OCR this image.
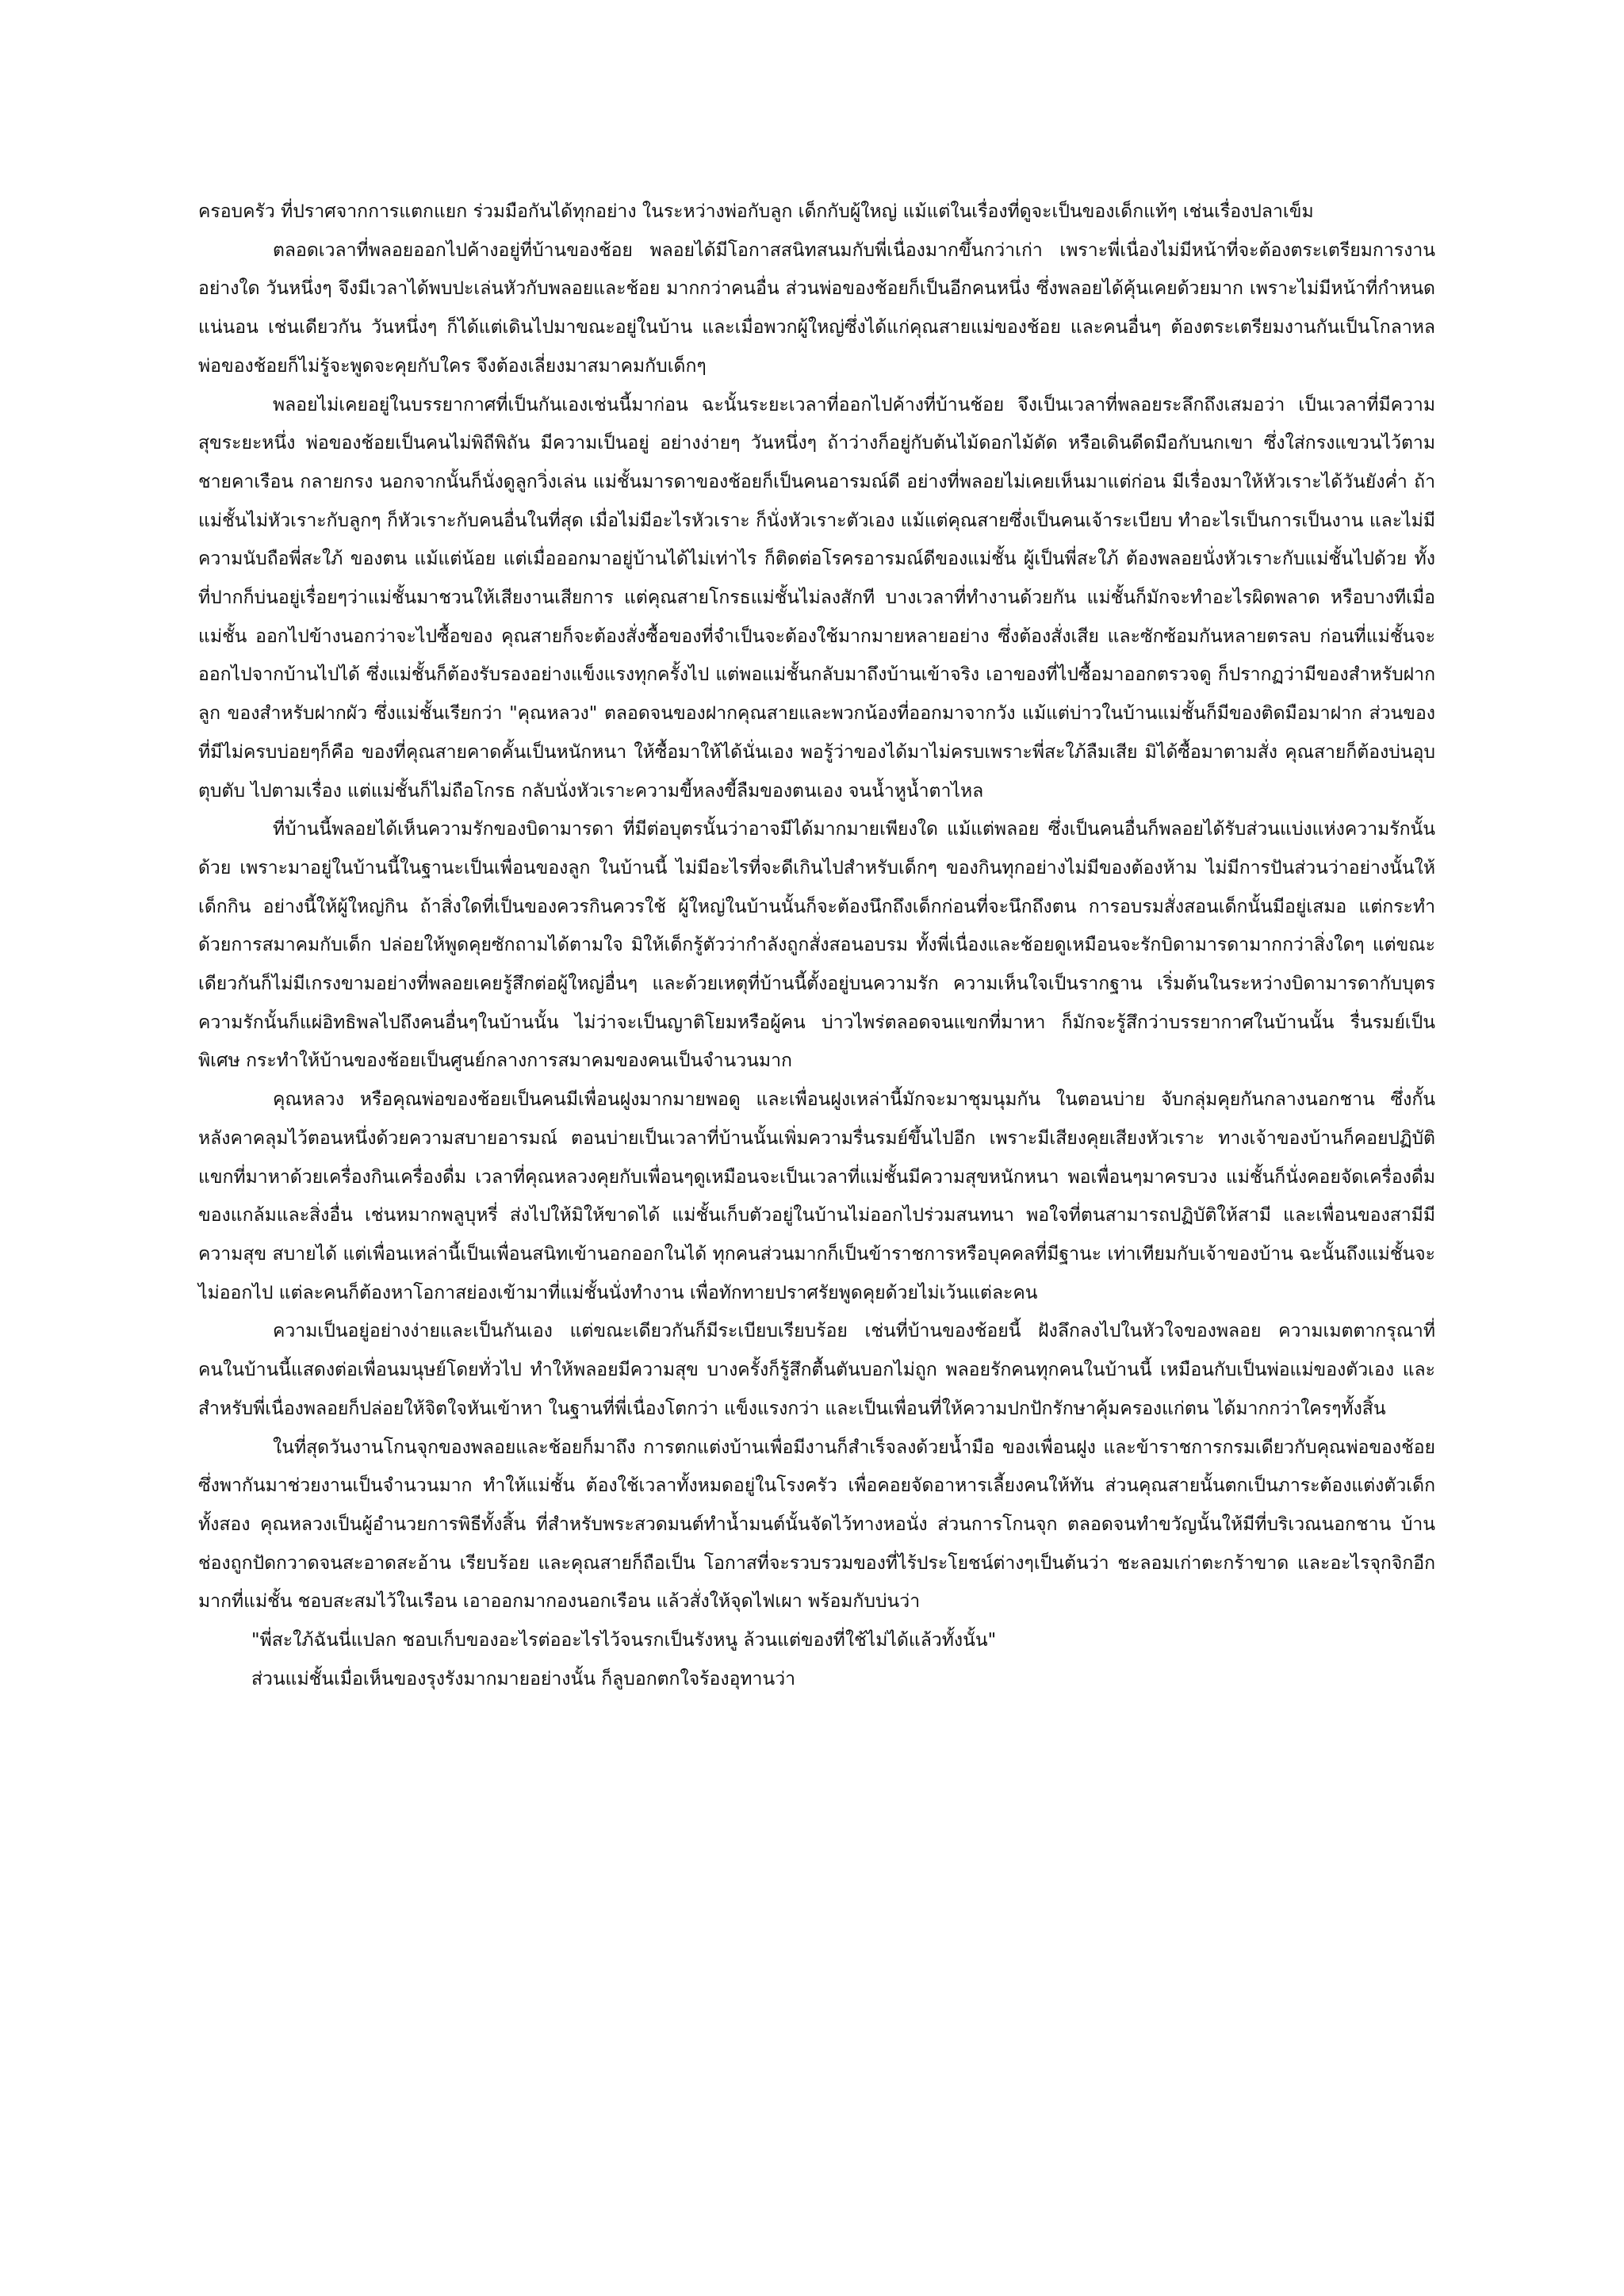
ครอบครัว ที่ปราศจากการแตกแยก ร่วมมือกันได้ทุกอย่าง ในระหว่างพ่อกับลูก เด็กกับผู้ใหญ่ แม้แต่ในเรื่องที่ดูจะเป็นของเด็กแท้ๆ เช่นเรื่องปลาเข็ม

ตลอดเวลาที่พลอยออกไปค้างอยู่ที่บ้านของช้อย พลอยได้มีโอกาสสนิทสนมกับพี่เนื่องมากขึ้นกว่าเก่า เพราะพี่เนื่องไม่มีหน้าที่จะต้องตระเตรียมการงานอย่างใด วันหนึ่งๆ จึงมีเวลาได้พบปะเล่นหัวกับพลอยและช้อย มากกว่าคนอื่น ส่วนพ่อของช้อยก็เป็นอีกคนหนึ่ง ซึ่งพลอยได้คุ้นเคยด้วยมาก เพราะไม่มีหน้าที่กำหนดแน่นอน เช่นเดียวกัน วันหนึ่งๆ ก็ได้แต่เดินไปมาขณะอยู่ในบ้าน และเมื่อพวกผู้ใหญ่ซึ่งได้แก่คุณสายแม่ของช้อย และคนอื่นๆ ต้องตระเตรียมงานกันเป็นโกลาหล พ่อของช้อยก็ไม่รู้จะพูดจะคุยกับใคร จึงต้องเลี่ยงมาสมาคมกับเด็กๆ

พลอยไม่เคยอยู่ในบรรยากาศที่เป็นกันเองเช่นนี้มาก่อน ฉะนั้นระยะเวลาที่ออกไปค้างที่บ้านช้อย จึงเป็นเวลาที่พลอยระลึกถึงเสมอว่า เป็นเวลาที่มีความสุขระยะหนึ่ง พ่อของช้อยเป็นคนไม่พิถีพิถัน มีความเป็นอยู่ อย่างง่ายๆ วันหนึ่งๆ ถ้าว่างก็อยู่กับต้นไม้ดอกไม้ดัด หรือเดินดีดมือกับนกเขา ซึ่งใส่กรงแขวนไว้ตามชายคาเรือน กลายกรง นอกจากนั้นก็นั่งดูลูกวิ่งเล่น แม่ชั้นมารดาของช้อยก็เป็นคนอารมณ์ดี อย่างที่พลอยไม่เคยเห็นมาแต่ก่อน มีเรื่องมาให้หัวเราะได้วันยังค่ำ ถ้าแม่ชั้นไม่หัวเราะกับลูกๆ ก็หัวเราะกับคนอื่นในที่สุด เมื่อไม่มีอะไรหัวเราะ ก็นั่งหัวเราะตัวเอง แม้แต่คุณสายซึ่งเป็นคนเจ้าระเบียบ ทำอะไรเป็นการเป็นงาน และไม่มีความนับถือพี่สะใภ้ ของตน แม้แต่น้อย แต่เมื่อออกมาอยู่บ้านได้ไม่เท่าไร ก็ติดต่อโรครอารมณ์ดีของแม่ชั้น ผู้เป็นพี่สะใภ้ ต้องพลอยนั่งหัวเราะกับแม่ชั้นไปด้วย ทั้งที่ปากก็บ่นอยู่เรื่อยๆว่าแม่ชั้นมาชวนให้เสียงานเสียการ แต่คุณสายโกรธแม่ชั้นไม่ลงสักที บางเวลาที่ทำงานด้วยกัน แม่ชั้นก็มักจะทำอะไรผิดพลาด หรือบางทีเมื่อแม่ชั้น ออกไปข้างนอกว่าจะไปซื้อของ คุณสายก็จะต้องสั่งซื้อของที่จำเป็นจะต้องใช้มากมายหลายอย่าง ซึ่งต้องสั่งเสีย และซักซ้อมกันหลายตรลบ ก่อนที่แม่ชั้นจะออกไปจากบ้านไปได้ ซึ่งแม่ชั้นก็ต้องรับรองอย่างแข็งแรงทุกครั้งไป แต่พอแม่ชั้นกลับมาถึงบ้านเข้าจริง เอาของที่ไปซื้อมาออกตรวจดู ก็ปรากฏว่ามีของสำหรับฝากลูก ของสำหรับฝากผัว ซึ่งแม่ชั้นเรียกว่า "คุณหลวง" ตลอดจนของฝากคุณสายและพวกน้องที่ออกมาจากวัง แม้แต่บ่าวในบ้านแม่ชั้นก็มีของติดมือมาฝาก ส่วนของที่มีไม่ครบบ่อยๆก็คือ ของที่คุณสายคาดคั้นเป็นหนักหนา ให้ซื้อมาให้ได้นั่นเอง พอรู้ว่าของได้มาไม่ครบเพราะพี่สะใภ้ลืมเสีย มิได้ซื้อมาตามสั่ง คุณสายก็ต้องบ่นอุบตุบตับ ไปตามเรื่อง แต่แม่ชั้นก็ไม่ถือโกรธ กลับนั่งหัวเราะความขี้หลงขี้ลืมของตนเอง จนน้ำหูน้ำตาไหล

ที่บ้านนี้พลอยได้เห็นความรักของบิดามารดา ที่มีต่อบุตรนั้นว่าอาจมีได้มากมายเพียงใด แม้แต่พลอย ซึ่งเป็นคนอื่นก็พลอยได้รับส่วนแบ่งแห่งความรักนั้นด้วย เพราะมาอยู่ในบ้านนี้ในฐานะเป็นเพื่อนของลูก ในบ้านนี้ ไม่มีอะไรที่จะดีเกินไปสำหรับเด็กๆ ของกินทุกอย่างไม่มีของต้องห้าม ไม่มีการปันส่วนว่าอย่างนั้นให้เด็กกิน อย่างนี้ให้ผู้ใหญ่กิน ถ้าสิ่งใดที่เป็นของควรกินควรใช้ ผู้ใหญ่ในบ้านนั้นก็จะต้องนึกถึงเด็กก่อนที่จะนึกถึงตน การอบรมสั่งสอนเด็กนั้นมีอยู่เสมอ แต่กระทำด้วยการสมาคมกับเด็ก ปล่อยให้พูดคุยซักถามได้ตามใจ มิให้เด็กรู้ตัวว่ากำลังถูกสั่งสอนอบรม ทั้งพี่เนื่องและช้อยดูเหมือนจะรักบิดามารดามากกว่าสิ่งใดๆ แต่ขณะเดียวกันก็ไม่มีเกรงขามอย่างที่พลอยเคยรู้สึกต่อผู้ใหญ่อื่นๆ และด้วยเหตุที่บ้านนี้ตั้งอยู่บนความรัก ความเห็นใจเป็นรากฐาน เริ่มต้นในระหว่างบิดามารดากับบุตร ความรักนั้นก็แผ่อิทธิพลไปถึงคนอื่นๆในบ้านนั้น ไม่ว่าจะเป็นญาติโยมหรือผู้คน บ่าวไพร่ตลอดจนแขกที่มาหา ก็มักจะรู้สึกว่าบรรยากาศในบ้านนั้น รื่นรมย์เป็นพิเศษ กระทำให้บ้านของช้อยเป็นศูนย์กลางการสมาคมของคนเป็นจำนวนมาก

คุณหลวง หรือคุณพ่อของช้อยเป็นคนมีเพื่อนฝูงมากมายพอดู และเพื่อนฝูงเหล่านี้มักจะมาชุมนุมกัน ในตอนบ่าย จับกลุ่มคุยกันกลางนอกชาน ซึ่งกั้นหลังคาคลุมไว้ตอนหนึ่งด้วยความสบายอารมณ์ ตอนบ่ายเป็นเวลาที่บ้านนั้นเพิ่มความรื่นรมย์ขึ้นไปอีก เพราะมีเสียงคุยเสียงหัวเราะ ทางเจ้าของบ้านก็คอยปฏิบัติ แขกที่มาหาด้วยเครื่องกินเครื่องดื่ม เวลาที่คุณหลวงคุยกับเพื่อนๆดูเหมือนจะเป็นเวลาที่แม่ชั้นมีความสุขหนักหนา พอเพื่อนๆมาครบวง แม่ชั้นก็นั่งคอยจัดเครื่องดื่มของแกล้มและสิ่งอื่น เช่นหมากพลูบุหรี่ ส่งไปให้มิให้ขาดได้ แม่ชั้นเก็บตัวอยู่ในบ้านไม่ออกไปร่วมสนทนา พอใจที่ตนสามารถปฏิบัติให้สามี และเพื่อนของสามีมีความสุข สบายได้ แต่เพื่อนเหล่านี้เป็นเพื่อนสนิทเข้านอกออกในได้ ทุกคนส่วนมากก็เป็นข้าราชการหรือบุคคลที่มีฐานะ เท่าเทียมกับเจ้าของบ้าน ฉะนั้นถึงแม่ชั้นจะไม่ออกไป แต่ละคนก็ต้องหาโอกาสย่องเข้ามาที่แม่ชั้นนั่งทำงาน เพื่อทักทายปราศรัยพูดคุยด้วยไม่เว้นแต่ละคน

ความเป็นอยู่อย่างง่ายและเป็นกันเอง แต่ขณะเดียวกันก็มีระเบียบเรียบร้อย เช่นที่บ้านของช้อยนี้ ฝังลึกลงไปในหัวใจของพลอย ความเมตตากรุณาที่คนในบ้านนี้แสดงต่อเพื่อนมนุษย์โดยทั่วไป ทำให้พลอยมีความสุข บางครั้งก็รู้สึกตื้นตันบอกไม่ถูก พลอยรักคนทุกคนในบ้านนี้ เหมือนกับเป็นพ่อแม่ของตัวเอง และสำหรับพี่เนื่องพลอยก็ปล่อยให้จิตใจหันเข้าหา ในฐานที่พี่เนื่องโตกว่า แข็งแรงกว่า และเป็นเพื่อนที่ให้ความปกปักรักษาคุ้มครองแก่ตน ได้มากกว่าใครๆทั้งสิ้น

ในที่สุดวันงานโกนจุกของพลอยและช้อยก็มาถึง การตกแต่งบ้านเพื่อมีงานก็สำเร็จลงด้วยน้ำมือ ของเพื่อนฝูง และข้าราชการกรมเดียวกับคุณพ่อของช้อย ซึ่งพากันมาช่วยงานเป็นจำนวนมาก ทำให้แม่ชั้น ต้องใช้เวลาทั้งหมดอยู่ในโรงครัว เพื่อคอยจัดอาหารเลี้ยงคนให้ทัน ส่วนคุณสายนั้นตกเป็นภาระต้องแต่งตัวเด็ก ทั้งสอง คุณหลวงเป็นผู้อำนวยการพิธีทั้งสิ้น ที่สำหรับพระสวดมนต์ทำน้ำมนต์นั้นจัดไว้ทางหอนั่ง ส่วนการโกนจุก ตลอดจนทำขวัญนั้นให้มีที่บริเวณนอกชาน บ้านช่องถูกปัดกวาดจนสะอาดสะอ้าน เรียบร้อย และคุณสายก็ถือเป็น โอกาสที่จะรวบรวมของที่ไร้ประโยชน์ต่างๆเป็นต้นว่า ชะลอมเก่าตะกร้าขาด และอะไรจุกจิกอีกมากที่แม่ชั้น ชอบสะสมไว้ในเรือน เอาออกมากองนอกเรือน แล้วสั่งให้จุดไฟเผา พร้อมกับบ่นว่า

"พี่สะใภ้ฉันนี่แปลก ชอบเก็บของอะไรต่ออะไรไว้จนรกเป็นรังหนู ล้วนแต่ของที่ใช้ไม่ได้แล้วทั้งนั้น"

ส่วนแม่ชั้นเมื่อเห็นของรุงรังมากมายอย่างนั้น ก็ลูบอกตกใจร้องอุทานว่า
